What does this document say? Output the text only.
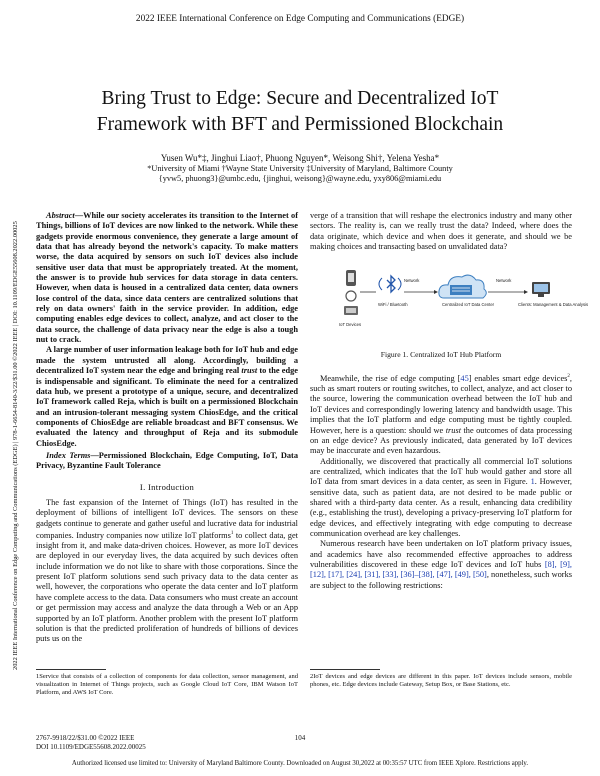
2022 IEEE International Conference on Edge Computing and Communications (EDGE)
2022 IEEE International Conference on Edge Computing and Communications (EDGE) | 978-1-6654-8140-3/22/$31.00 ©2022 IEEE | DOI: 10.1109/EDGE55608.2022.00025
Bring Trust to Edge: Secure and Decentralized IoT
Framework with BFT and Permissioned Blockchain
Yusen Wu*‡, Jinghui Liao†, Phuong Nguyen*, Weisong Shi†, Yelena Yesha*
*University of Miami †Wayne State University ‡University of Maryland, Baltimore County
{yvw5, phuong3}@umbc.edu, {jinghui, weisong}@wayne.edu, yxy806@miami.edu

Abstract—While our society accelerates its transition to the Internet of Things, billions of IoT devices are now linked to the network. While these gadgets provide enormous convenience, they generate a large amount of data that has already beyond the network's capacity. To make matters worse, the data acquired by sensors on such IoT devices also include sensitive user data that must be appropriately treated. At the moment, the answer is to provide hub services for data storage in data centers. However, when data is housed in a centralized data center, data owners lose control of the data, since data centers are centralized solutions that rely on data owners' faith in the service provider. In addition, edge computing enables edge devices to collect, analyze, and act closer to the data source, the challenge of data privacy near the edge is also a tough nut to crack.

A large number of user information leakage both for IoT hub and edge made the system untrusted all along. Accordingly, building a decentralized IoT system near the edge and bringing real trust to the edge is indispensable and significant. To eliminate the need for a centralized data hub, we present a prototype of a unique, secure, and decentralized IoT framework called Reja, which is built on a permissioned Blockchain and an intrusion-tolerant messaging system ChiosEdge, and the critical components of ChiosEdge are reliable broadcast and BFT consensus. We evaluated the latency and throughput of Reja and its submodule ChiosEdge.

Index Terms—Permissioned Blockchain, Edge Computing, IoT, Data Privacy, Byzantine Fault Tolerance

I. Introduction

The fast expansion of the Internet of Things (IoT) has resulted in the deployment of billions of intelligent IoT devices. The sensors on these gadgets continue to generate and gather useful and lucrative data for industrial companies. Industry companies now utilize IoT platforms$^1$ to collect data, get insight from it, and make data-driven choices. However, as more IoT devices are deployed in our everyday lives, the data acquired by such devices often include information we do not like to share with those corporations. Since the present IoT platform solutions send such privacy data to the data center as well, however, the corporations who operate the data center and IoT platform have complete access to the data. Data consumers who must create an account or get permission may access and analyze the data through a Web or an App supported by an IoT platform. Another problem with the present IoT platform solution is that the predicted proliferation of hundreds of billions of devices puts us on the

verge of a transition that will reshape the electronics industry and many other sectors. The reality is, can we really trust the data? Indeed, where does the data originate, which device and when does it generate, and should we be making choices and transacting based on unvalidated data?

Network	Network
WiFi / Bluetooth
IoT Devices
Centralized IoT Data Center	Clients: Management & Data Analysis
Figure 1. Centralized IoT Hub Platform

Meanwhile, the rise of edge computing [45] enables smart edge devices$^2$, such as smart routers or routing switches, to collect, analyze, and act closer to the source, lowering the communication overhead between the IoT hub and IoT devices and correspondingly lowering latency and bandwidth usage. This implies that the IoT platform and edge computing must be tightly coupled. However, here is a question: should we trust the outcomes of data processing on an edge device? As previously indicated, data generated by IoT devices may be inaccurate and even hazardous.

Additionally, we discovered that practically all commercial IoT solutions are centralized, which indicates that the IoT hub would gather and store all IoT data from smart devices in a data center, as seen in Figure. 1. However, sensitive data, such as patient data, are not desired to be made public or shared with a third-party data center. As a result, enhancing data credibility (e.g., establishing the trust), developing a privacy-preserving IoT platform for edge devices, and effectively integrating with edge computing to decrease communication overhead are key challenges.

Numerous research have been undertaken on IoT platform privacy issues, and academics have also recommended effective approaches to address vulnerabilities discovered in these edge IoT devices and IoT hubs [8], [9], [12], [17], [24], [31], [33], [36]–[38], [47], [49], [50], nonetheless, such works are subject to the following restrictions:

1Service that consists of a collection of components for data collection, sensor management, and visualization in Internet of Things projects, such as Google Cloud IoT Core, IBM Watson IoT Platform, and AWS IoT Core.
2IoT devices and edge devices are different in this paper. IoT devices include sensors, mobile phones, etc. Edge devices include Gateway, Setup Box, or Base Stations, etc.
2767-9918/22/$31.00 ©2022 IEEE
DOI 10.1109/EDGE55608.2022.00025
104
Authorized licensed use limited to: University of Maryland Baltimore County. Downloaded on August 30,2022 at 00:35:57 UTC from IEEE Xplore. Restrictions apply.
